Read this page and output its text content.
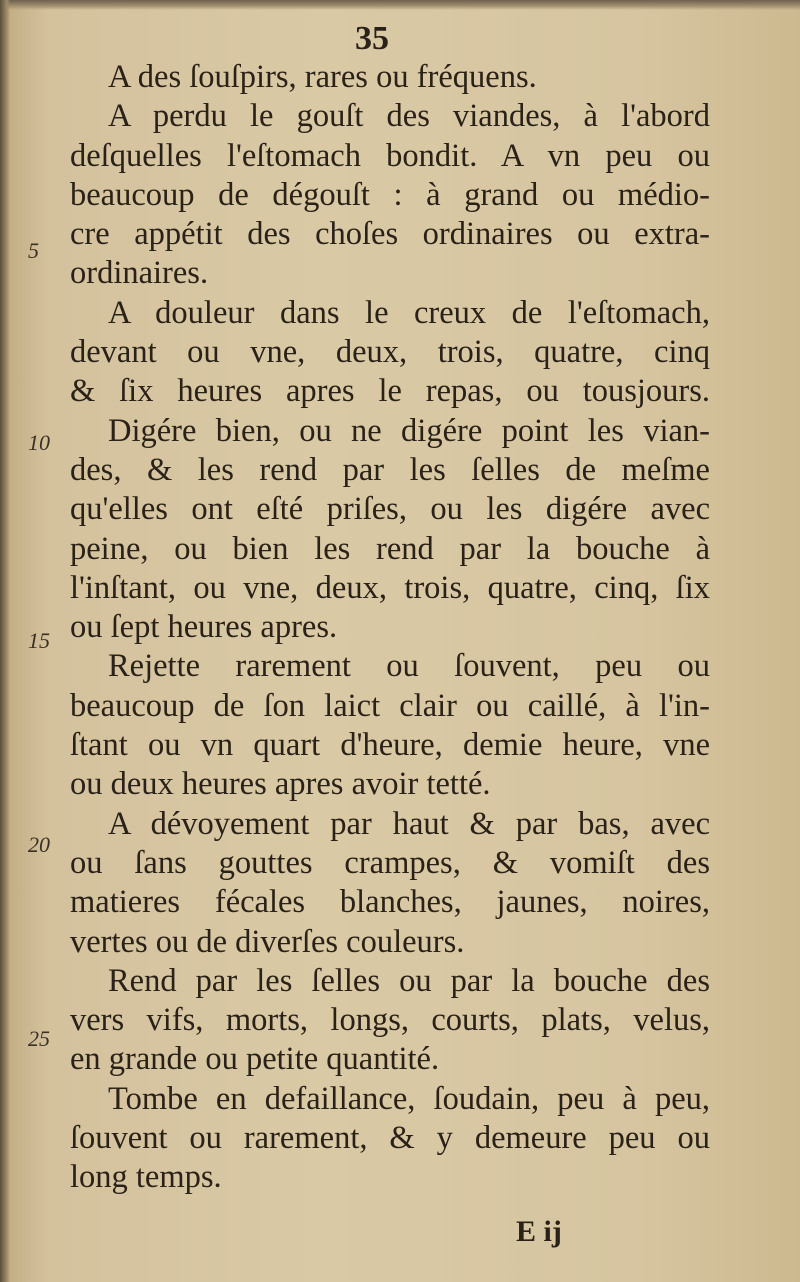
35
5
10
15
20
25
A des ſouſpirs, rares ou fréquens.
A perdu le gouſt des viandes, à l'abord
deſquelles l'eſtomach bondit. A vn peu ou
beaucoup de dégouſt : à grand ou médio-
cre appétit des choſes ordinaires ou extra-
ordinaires.
A douleur dans le creux de l'eſtomach,
devant ou vne, deux, trois, quatre, cinq
& ſix heures apres le repas, ou tousjours.
Digére bien, ou ne digére point les vian-
des, & les rend par les ſelles de meſme
qu'elles ont eſté priſes, ou les digére avec
peine, ou bien les rend par la bouche à
l'inſtant, ou vne, deux, trois, quatre, cinq, ſix
ou ſept heures apres.
Rejette rarement ou ſouvent, peu ou
beaucoup de ſon laict clair ou caillé, à l'in-
ſtant ou vn quart d'heure, demie heure, vne
ou deux heures apres avoir tetté.
A dévoyement par haut & par bas, avec
ou ſans gouttes crampes, & vomiſt des
matieres fécales blanches, jaunes, noires,
vertes ou de diverſes couleurs.
Rend par les ſelles ou par la bouche des
vers vifs, morts, longs, courts, plats, velus,
en grande ou petite quantité.
Tombe en defaillance, ſoudain, peu à peu,
ſouvent ou rarement, & y demeure peu ou
long temps.
E ij
